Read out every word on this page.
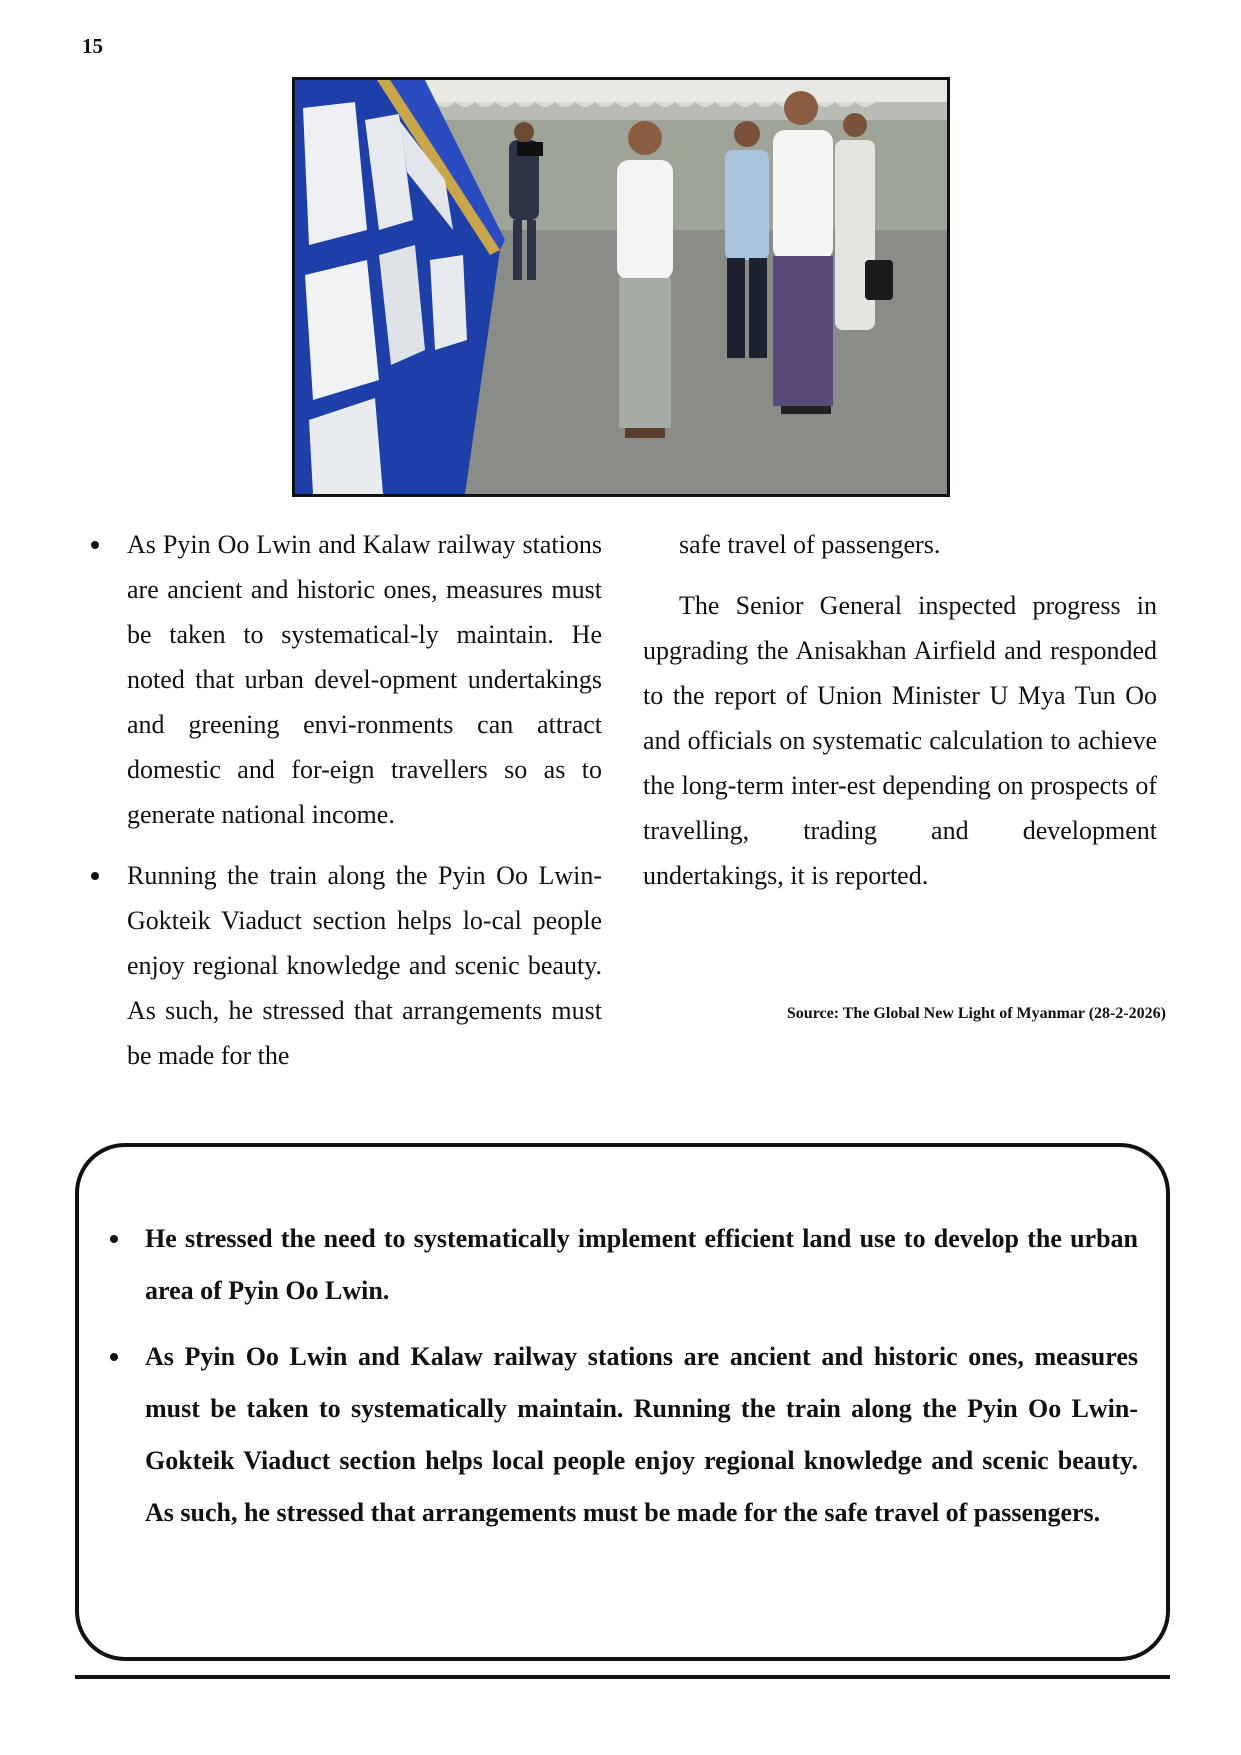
15
As Pyin Oo Lwin and Kalaw railway stations are ancient and historic ones, measures must be taken to systematical-ly maintain. He noted that urban devel-opment undertakings and greening envi-ronments can attract domestic and for-eign travellers so as to generate national income.
Running the train along the Pyin Oo Lwin-Gokteik Viaduct section helps lo-cal people enjoy regional knowledge and scenic beauty. As such, he stressed that arrangements must be made for the

safe travel of passengers.

The Senior General inspected progress in upgrading the Anisakhan Airfield and responded to the report of Union Minister U Mya Tun Oo and officials on systematic calculation to achieve the long-term inter-est depending on prospects of travelling, trading and development undertakings, it is reported.

Source: The Global New Light of Myanmar (28-2-2026)
He stressed the need to systematically implement efficient land use to develop the urban area of Pyin Oo Lwin.
As Pyin Oo Lwin and Kalaw railway stations are ancient and historic ones, measures must be taken to systematically maintain. Running the train along the Pyin Oo Lwin-Gokteik Viaduct section helps local people enjoy regional knowledge and scenic beauty. As such, he stressed that arrangements must be made for the safe travel of passengers.
